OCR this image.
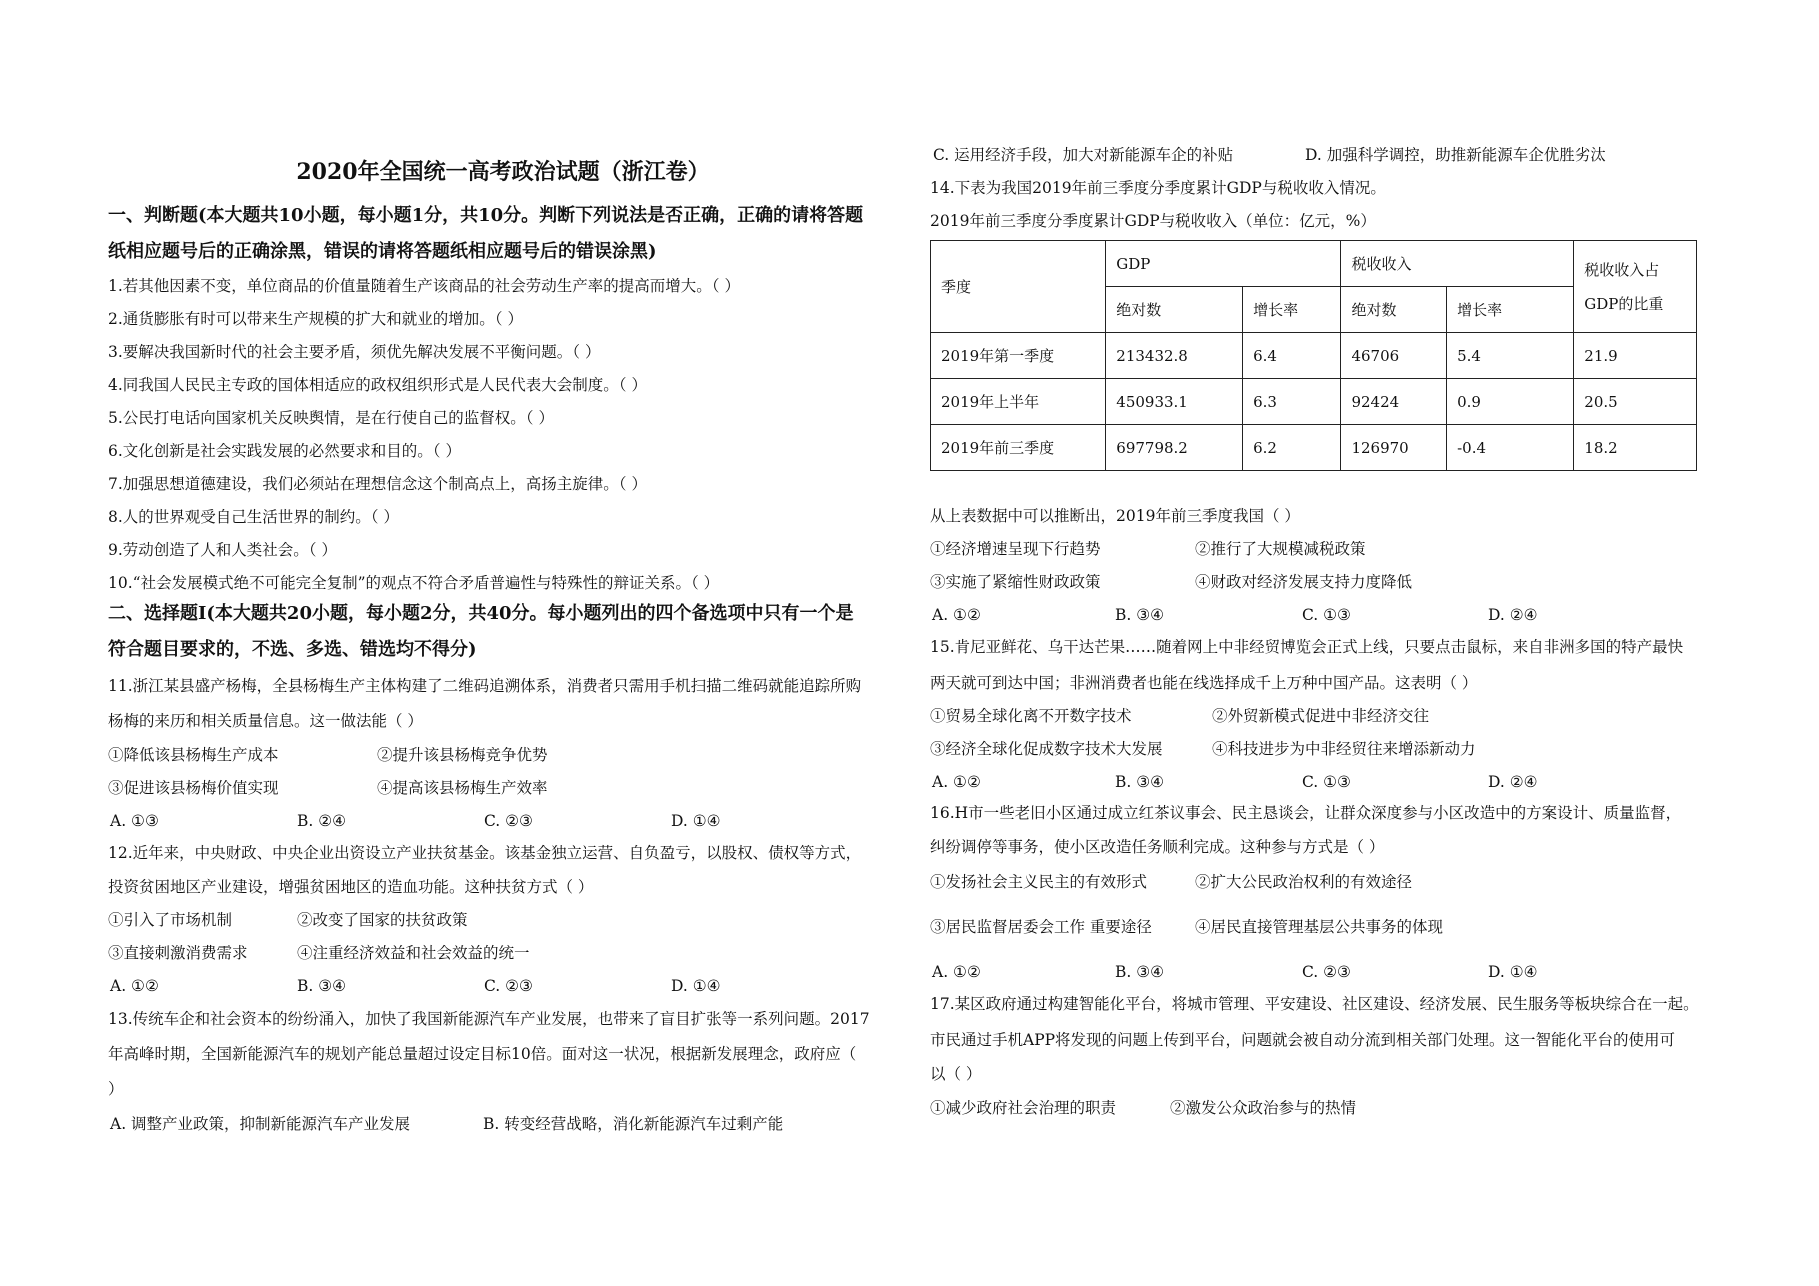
2020年全国统一高考政治试题（浙江卷）
一、判断题(本大题共10小题，每小题1分，共10分。判断下列说法是否正确，正确的请将答题
纸相应题号后的正确涂黑，错误的请将答题纸相应题号后的错误涂黑)
1.若其他因素不变，单位商品的价值量随着生产该商品的社会劳动生产率的提高而增大。（ ）
2.通货膨胀有时可以带来生产规模的扩大和就业的增加。（ ）
3.要解决我国新时代的社会主要矛盾，须优先解决发展不平衡问题。（ ）
4.同我国人民民主专政的国体相适应的政权组织形式是人民代表大会制度。（ ）
5.公民打电话向国家机关反映舆情，是在行使自己的监督权。（ ）
6.文化创新是社会实践发展的必然要求和目的。（ ）
7.加强思想道德建设，我们必须站在理想信念这个制高点上，高扬主旋律。（ ）
8.人的世界观受自己生活世界的制约。（ ）
9.劳动创造了人和人类社会。（ ）
10.“社会发展模式绝不可能完全复制”的观点不符合矛盾普遍性与特殊性的辩证关系。（ ）
二、选择题Ⅰ(本大题共20小题，每小题2分，共40分。每小题列出的四个备选项中只有一个是
符合题目要求的，不选、多选、错选均不得分)
11.浙江某县盛产杨梅，全县杨梅生产主体构建了二维码追溯体系，消费者只需用手机扫描二维码就能追踪所购
杨梅的来历和相关质量信息。这一做法能（ ）
①降低该县杨梅生产成本	②提升该县杨梅竞争优势
③促进该县杨梅价值实现	④提高该县杨梅生产效率
A. ①③	B. ②④	C. ②③	D. ①④
12.近年来，中央财政、中央企业出资设立产业扶贫基金。该基金独立运营、自负盈亏，以股权、债权等方式，
投资贫困地区产业建设，增强贫困地区的造血功能。这种扶贫方式（ ）
①引入了市场机制	②改变了国家的扶贫政策
③直接刺激消费需求	④注重经济效益和社会效益的统一
A. ①②	B. ③④	C. ②③	D. ①④
13.传统车企和社会资本的纷纷涌入，加快了我国新能源汽车产业发展，也带来了盲目扩张等一系列问题。2017
年高峰时期，全国新能源汽车的规划产能总量超过设定目标10倍。面对这一状况，根据新发展理念，政府应（
）
A. 调整产业政策，抑制新能源汽车产业发展	B. 转变经营战略，消化新能源汽车过剩产能
C. 运用经济手段，加大对新能源车企的补贴	D. 加强科学调控，助推新能源车企优胜劣汰
14.下表为我国2019年前三季度分季度累计GDP与税收收入情况。
2019年前三季度分季度累计GDP与税收收入（单位：亿元，%）
季度	GDP		税收收入		税收收入占
GDP的比重

	绝对数	增长率	绝对数	增长率	
2019年第一季度	213432.8	6.4	46706	5.4	21.9
2019年上半年	450933.1	6.3	92424	0.9	20.5
2019年前三季度	697798.2	6.2	126970	-0.4	18.2
从上表数据中可以推断出，2019年前三季度我国（ ）
①经济增速呈现下行趋势	②推行了大规模减税政策
③实施了紧缩性财政政策	④财政对经济发展支持力度降低
A. ①②	B. ③④	C. ①③	D. ②④
15.肯尼亚鲜花、乌干达芒果……随着网上中非经贸博览会正式上线，只要点击鼠标，来自非洲多国的特产最快
两天就可到达中国；非洲消费者也能在线选择成千上万种中国产品。这表明（ ）
①贸易全球化离不开数字技术	②外贸新模式促进中非经济交往
③经济全球化促成数字技术大发展	④科技进步为中非经贸往来增添新动力
A. ①②	B. ③④	C. ①③	D. ②④
16.H市一些老旧小区通过成立红茶议事会、民主恳谈会，让群众深度参与小区改造中的方案设计、质量监督，
纠纷调停等事务，使小区改造任务顺利完成。这种参与方式是（ ）
①发扬社会主义民主的有效形式	②扩大公民政治权利的有效途径
③居民监督居委会工作 重要途径	④居民直接管理基层公共事务的体现
A. ①②	B. ③④	C. ②③	D. ①④
17.某区政府通过构建智能化平台，将城市管理、平安建设、社区建设、经济发展、民生服务等板块综合在一起。
市民通过手机APP将发现的问题上传到平台，问题就会被自动分流到相关部门处理。这一智能化平台的使用可
以（ ）
①减少政府社会治理的职责	②激发公众政治参与的热情
